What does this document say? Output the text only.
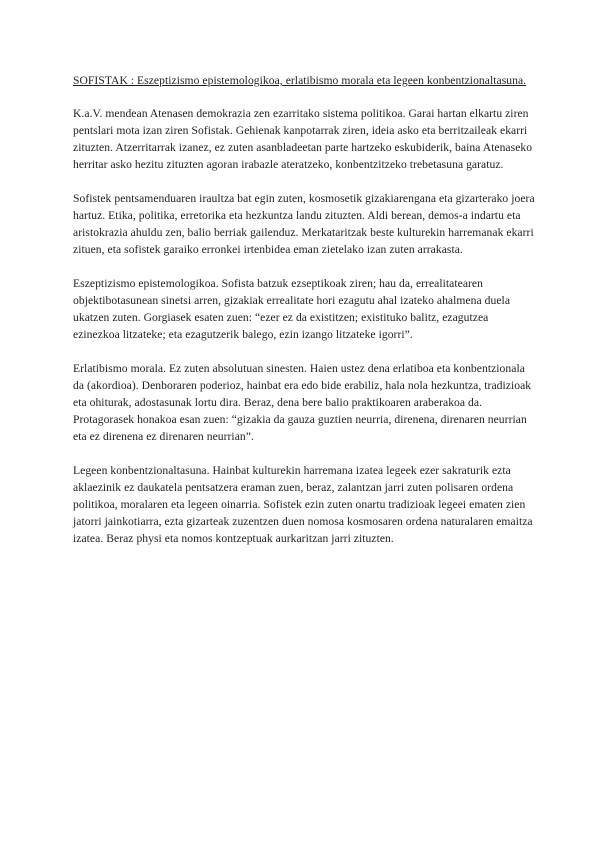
SOFISTAK : Eszeptizismo epistemologikoa, erlatibismo morala eta legeen konbentzionaltasuna.

K.a.V. mendean Atenasen demokrazia zen ezarritako sistema politikoa. Garai hartan elkartu ziren pentslari mota izan ziren Sofistak. Gehienak kanpotarrak ziren, ideia asko eta berritzaileak ekarri zituzten. Atzerritarrak izanez, ez zuten asanbladeetan parte hartzeko eskubiderik, baina Atenaseko herritar asko hezitu zituzten agoran irabazle ateratzeko, konbentzitzeko trebetasuna garatuz.

Sofistek pentsamenduaren iraultza bat egin zuten, kosmosetik gizakiarengana eta gizarterako joera hartuz. Etika, politika, erretorika eta hezkuntza landu zituzten. Aldi berean, demos-a indartu eta aristokrazia ahuldu zen, balio berriak gailenduz. Merkataritzak beste kulturekin harremanak ekarri zituen, eta sofistek garaiko erronkei irtenbidea eman zietelako izan zuten arrakasta.

Eszeptizismo epistemologikoa. Sofista batzuk ezseptikoak ziren; hau da, errealitatearen objektibotasunean sinetsi arren, gizakiak errealitate hori ezagutu ahal izateko ahalmena duela ukatzen zuten. Gorgiasek esaten zuen: “ezer ez da existitzen; existituko balitz, ezagutzea ezinezkoa litzateke; eta ezagutzerik balego, ezin izango litzateke igorri”.

Erlatibismo morala. Ez zuten absolutuan sinesten. Haien ustez dena erlatiboa eta konbentzionala da (akordioa). Denboraren poderioz, hainbat era edo bide erabiliz, hala nola hezkuntza, tradizioak eta ohiturak, adostasunak lortu dira. Beraz, dena bere balio praktikoaren araberakoa da. Protagorasek honakoa esan zuen: “gizakia da gauza guztien neurria, direnena, direnaren neurrian eta ez direnena ez direnaren neurrian”.

Legeen konbentzionaltasuna. Hainbat kulturekin harremana izatea legeek ezer sakraturik ezta aklaezinik ez daukatela pentsatzera eraman zuen, beraz, zalantzan jarri zuten polisaren ordena politikoa, moralaren eta legeen oinarria. Sofistek ezin zuten onartu tradizioak legeei ematen zien jatorri jainkotiarra, ezta gizarteak zuzentzen duen nomosa kosmosaren ordena naturalaren emaitza izatea. Beraz physi eta nomos kontzeptuak aurkaritzan jarri zituzten.
